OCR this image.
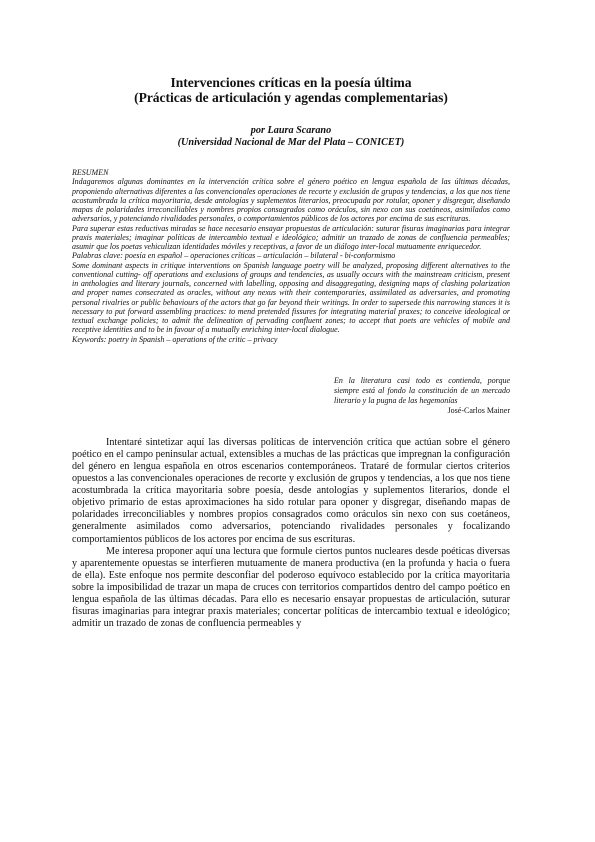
Intervenciones críticas en la poesía última
(Prácticas de articulación y agendas complementarias)
por Laura Scarano
(Universidad Nacional de Mar del Plata – CONICET)
RESUMEN

Indagaremos algunas dominantes en la intervención crítica sobre el género poético en lengua española de las últimas décadas, proponiendo alternativas diferentes a las convencionales operaciones de recorte y exclusión de grupos y tendencias, a los que nos tiene acostumbrada la crítica mayoritaria, desde antologías y suplementos literarios, preocupada por rotular, oponer y disgregar, diseñando mapas de polaridades irreconciliables y nombres propios consagrados como oráculos, sin nexo con sus coetáneos, asimilados como adversarios, y potenciando rivalidades personales, o comportamientos públicos de los actores por encima de sus escrituras.

Para superar estas reductivas miradas se hace necesario ensayar propuestas de articulación: suturar fisuras imaginarias para integrar praxis materiales; imaginar políticas de intercambio textual e ideológico; admitir un trazado de zonas de confluencia permeables; asumir que los poetas vehiculizan identidades móviles y receptivas, a favor de un diálogo inter-local mutuamente enriquecedor.

Palabras clave: poesía en español – operaciones críticas – articulación – bilateral - bi-conformismo

Some dominant aspects in critique interventions on Spanish language poetry will be analyzed, proposing different alternatives to the conventional cutting- off operations and exclusions of groups and tendencies, as usually occurs with the mainstream criticism, present in anthologies and literary journals, concerned with labelling, opposing and disaggregating, designing maps of clashing polarization and proper names consecrated as oracles, without any nexus with their contemporaries, assimilated as adversaries, and promoting personal rivalries or public behaviours of the actors that go far beyond their writings. In order to supersede this narrowing stances it is necessary to put forward assembling practices: to mend pretended fissures for integrating material praxes; to conceive ideological or textual exchange policies; to admit the delineation of pervading confluent zones; to accept that poets are vehicles of mobile and receptive identities and to be in favour of a mutually enriching inter-local dialogue.

Keywords: poetry in Spanish – operations of the critic – privacy

En la literatura casi todo es contienda, porque siempre está al fondo la constitución de un mercado literario y la pugna de las hegemonías
José-Carlos Mainer

Intentaré sintetizar aquí las diversas políticas de intervención crítica que actúan sobre el género poético en el campo peninsular actual, extensibles a muchas de las prácticas que impregnan la configuración del género en lengua española en otros escenarios contemporáneos. Trataré de formular ciertos criterios opuestos a las convencionales operaciones de recorte y exclusión de grupos y tendencias, a los que nos tiene acostumbrada la crítica mayoritaria sobre poesía, desde antologías y suplementos literarios, donde el objetivo primario de estas aproximaciones ha sido rotular para oponer y disgregar, diseñando mapas de polaridades irreconciliables y nombres propios consagrados como oráculos sin nexo con sus coetáneos, generalmente asimilados como adversarios, potenciando rivalidades personales y focalizando comportamientos públicos de los actores por encima de sus escrituras.

Me interesa proponer aquí una lectura que formule ciertos puntos nucleares desde poéticas diversas y aparentemente opuestas se interfieren mutuamente de manera productiva (en la profunda y hacia o fuera de ella). Este enfoque nos permite desconfiar del poderoso equívoco establecido por la crítica mayoritaria sobre la imposibilidad de trazar un mapa de cruces con territorios compartidos dentro del campo poético en lengua española de las últimas décadas. Para ello es necesario ensayar propuestas de articulación, suturar fisuras imaginarias para integrar praxis materiales; concertar políticas de intercambio textual e ideológico; admitir un trazado de zonas de confluencia permeables y
